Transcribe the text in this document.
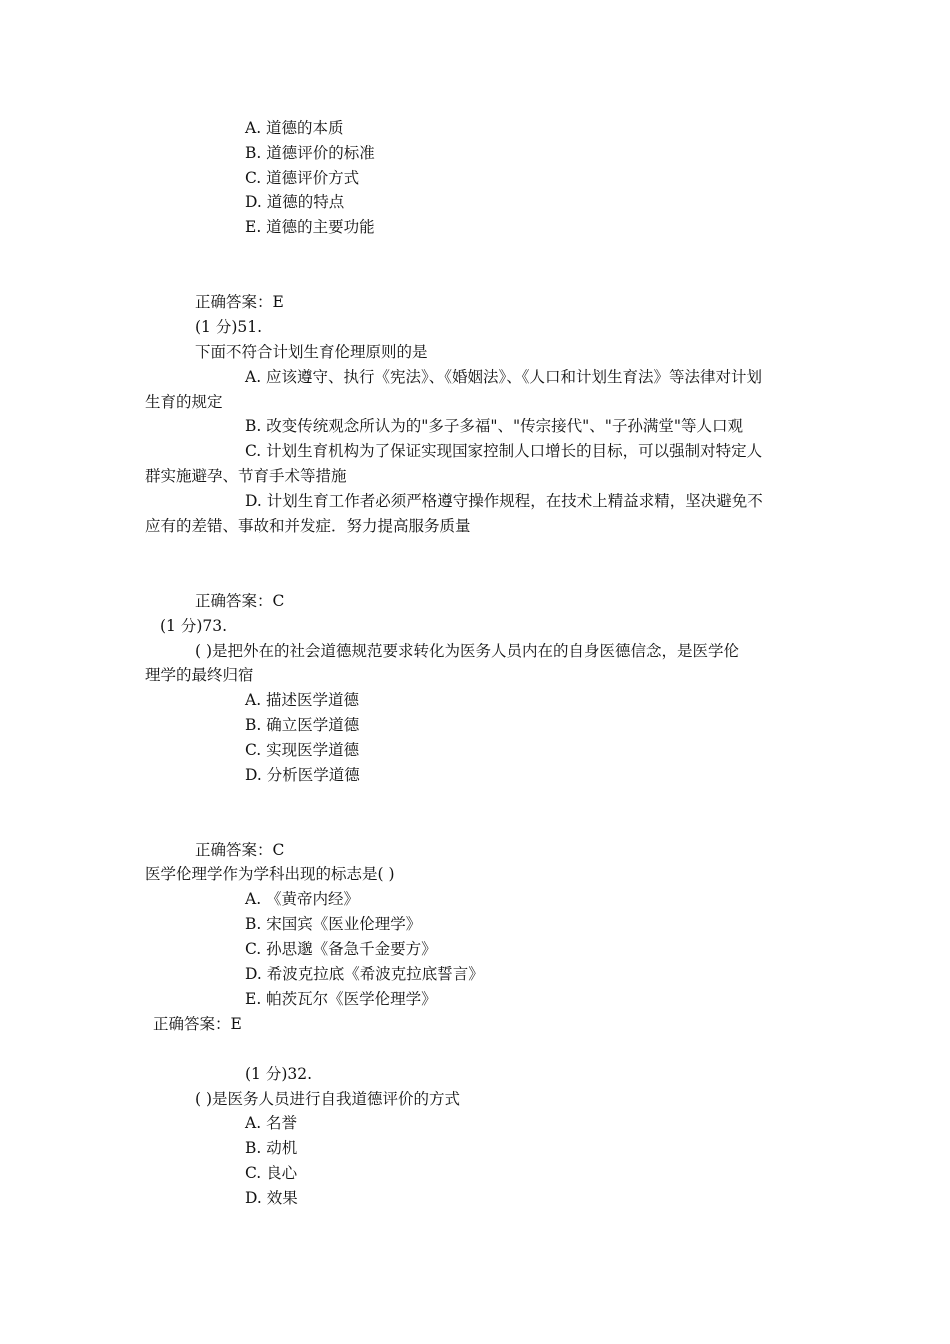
A. 道德的本质
B. 道德评价的标准
C. 道德评价方式
D. 道德的特点
E. 道德的主要功能
正确答案：E
(1 分)51.
下面不符合计划生育伦理原则的是
A. 应该遵守、执行《宪法》、《婚姻法》、《人口和计划生育法》等法律对计划
生育的规定
B. 改变传统观念所认为的"多子多福"、"传宗接代"、"子孙满堂"等人口观
C. 计划生育机构为了保证实现国家控制人口增长的目标，可以强制对特定人
群实施避孕、节育手术等措施
D. 计划生育工作者必须严格遵守操作规程，在技术上精益求精，坚决避免不
应有的差错、事故和并发症．努力提高服务质量
正确答案：C
(1 分)73.
( )是把外在的社会道德规范要求转化为医务人员内在的自身医德信念，是医学伦
理学的最终归宿
A. 描述医学道德
B. 确立医学道德
C. 实现医学道德
D. 分析医学道德
正确答案：C
医学伦理学作为学科出现的标志是( )
A. 《黄帝内经》
B. 宋国宾《医业伦理学》
C. 孙思邈《备急千金要方》
D. 希波克拉底《希波克拉底誓言》
E. 帕茨瓦尔《医学伦理学》
正确答案：E
(1 分)32.
( )是医务人员进行自我道德评价的方式
A. 名誉
B. 动机
C. 良心
D. 效果
